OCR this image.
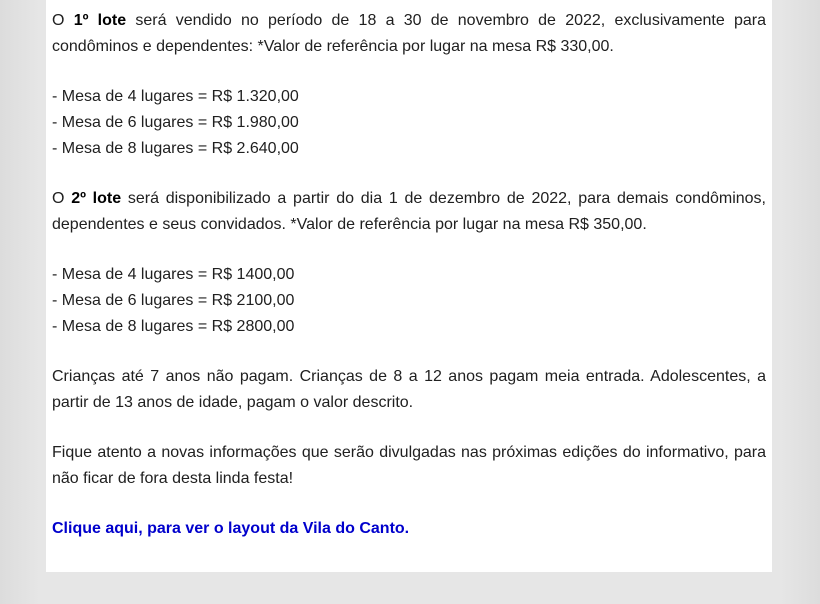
O 1º lote será vendido no período de 18 a 30 de novembro de 2022, exclusivamente para condôminos e dependentes: *Valor de referência por lugar na mesa R$ 330,00.

- Mesa de 4 lugares = R$ 1.320,00

- Mesa de 6 lugares = R$ 1.980,00

- Mesa de 8 lugares = R$ 2.640,00

O 2º lote será disponibilizado a partir do dia 1 de dezembro de 2022, para demais condôminos, dependentes e seus convidados. *Valor de referência por lugar na mesa R$ 350,00.

- Mesa de 4 lugares = R$ 1400,00

- Mesa de 6 lugares = R$ 2100,00

- Mesa de 8 lugares = R$ 2800,00

Crianças até 7 anos não pagam. Crianças de 8 a 12 anos pagam meia entrada. Adolescentes, a partir de 13 anos de idade, pagam o valor descrito.

Fique atento a novas informações que serão divulgadas nas próximas edições do informativo, para não ficar de fora desta linda festa!

Clique aqui, para ver o layout da Vila do Canto.
